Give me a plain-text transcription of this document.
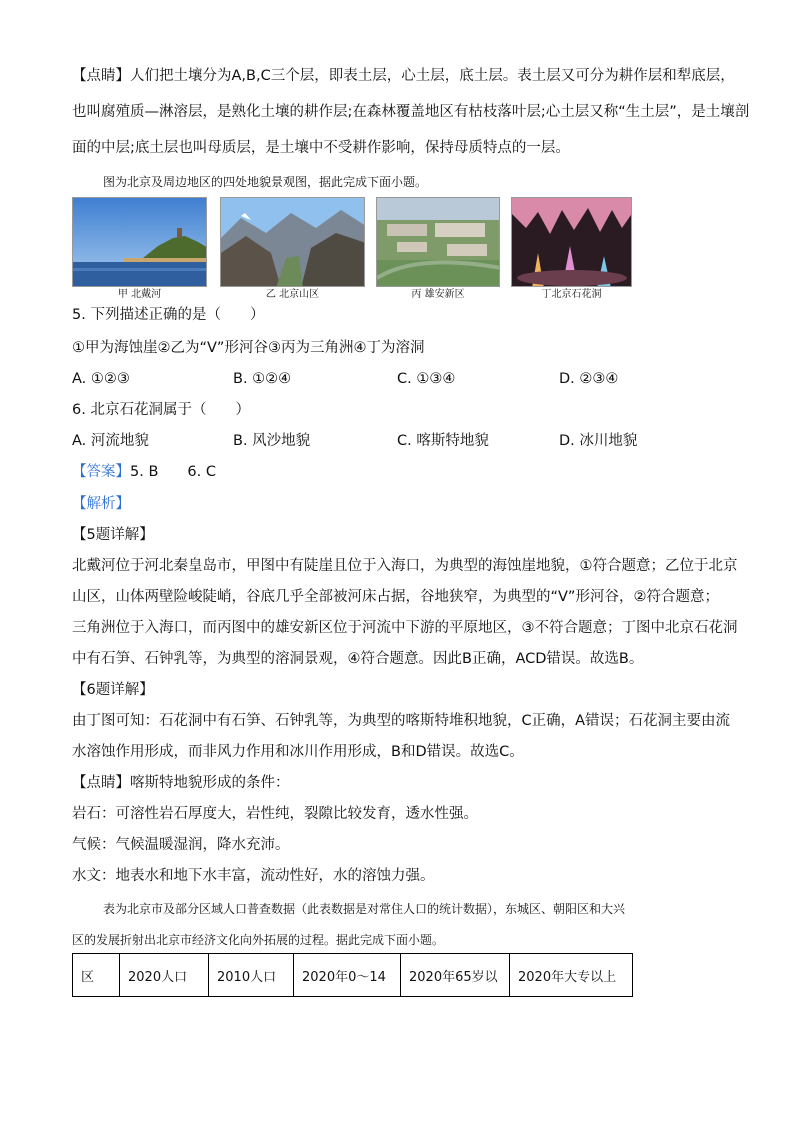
【点睛】人们把土壤分为A,B,C三个层，即表土层，心土层，底土层。表土层又可分为耕作层和犁底层，
也叫腐殖质—淋溶层，是熟化土壤的耕作层;在森林覆盖地区有枯枝落叶层;心土层又称“生土层”，是土壤剖
面的中层;底土层也叫母质层，是土壤中不受耕作影响，保持母质特点的一层。
图为北京及周边地区的四处地貌景观图，据此完成下面小题。
甲 北戴河	乙 北京山区	丙 雄安新区	丁北京石花洞
5. 下列描述正确的是（　　）
①甲为海蚀崖②乙为“V”形河谷③丙为三角洲④丁为溶洞
A. ①②③	B. ①②④	C. ①③④	D. ②③④
6. 北京石花洞属于（　　）
A. 河流地貌	B. 风沙地貌	C. 喀斯特地貌	D. 冰川地貌
【答案】5. B　　6. C
【解析】
【5题详解】
北戴河位于河北秦皇岛市，甲图中有陡崖且位于入海口，为典型的海蚀崖地貌，①符合题意；乙位于北京
山区，山体两壁险峻陡峭，谷底几乎全部被河床占据，谷地狭窄，为典型的“V”形河谷，②符合题意；
三角洲位于入海口，而丙图中的雄安新区位于河流中下游的平原地区，③不符合题意；丁图中北京石花洞
中有石笋、石钟乳等，为典型的溶洞景观，④符合题意。因此B正确，ACD错误。故选B。
【6题详解】
由丁图可知：石花洞中有石笋、石钟乳等，为典型的喀斯特堆积地貌，C正确，A错误；石花洞主要由流
水溶蚀作用形成，而非风力作用和冰川作用形成，B和D错误。故选C。
【点睛】喀斯特地貌形成的条件：
岩石：可溶性岩石厚度大，岩性纯，裂隙比较发育，透水性强。
气候：气候温暖湿润，降水充沛。
水文：地表水和地下水丰富，流动性好，水的溶蚀力强。
表为北京市及部分区域人口普查数据（此表数据是对常住人口的统计数据），东城区、朝阳区和大兴
区的发展折射出北京市经济文化向外拓展的过程。据此完成下面小题。
区	2020人口	2010人口	2020年0～14	2020年65岁以	2020年大专以上
